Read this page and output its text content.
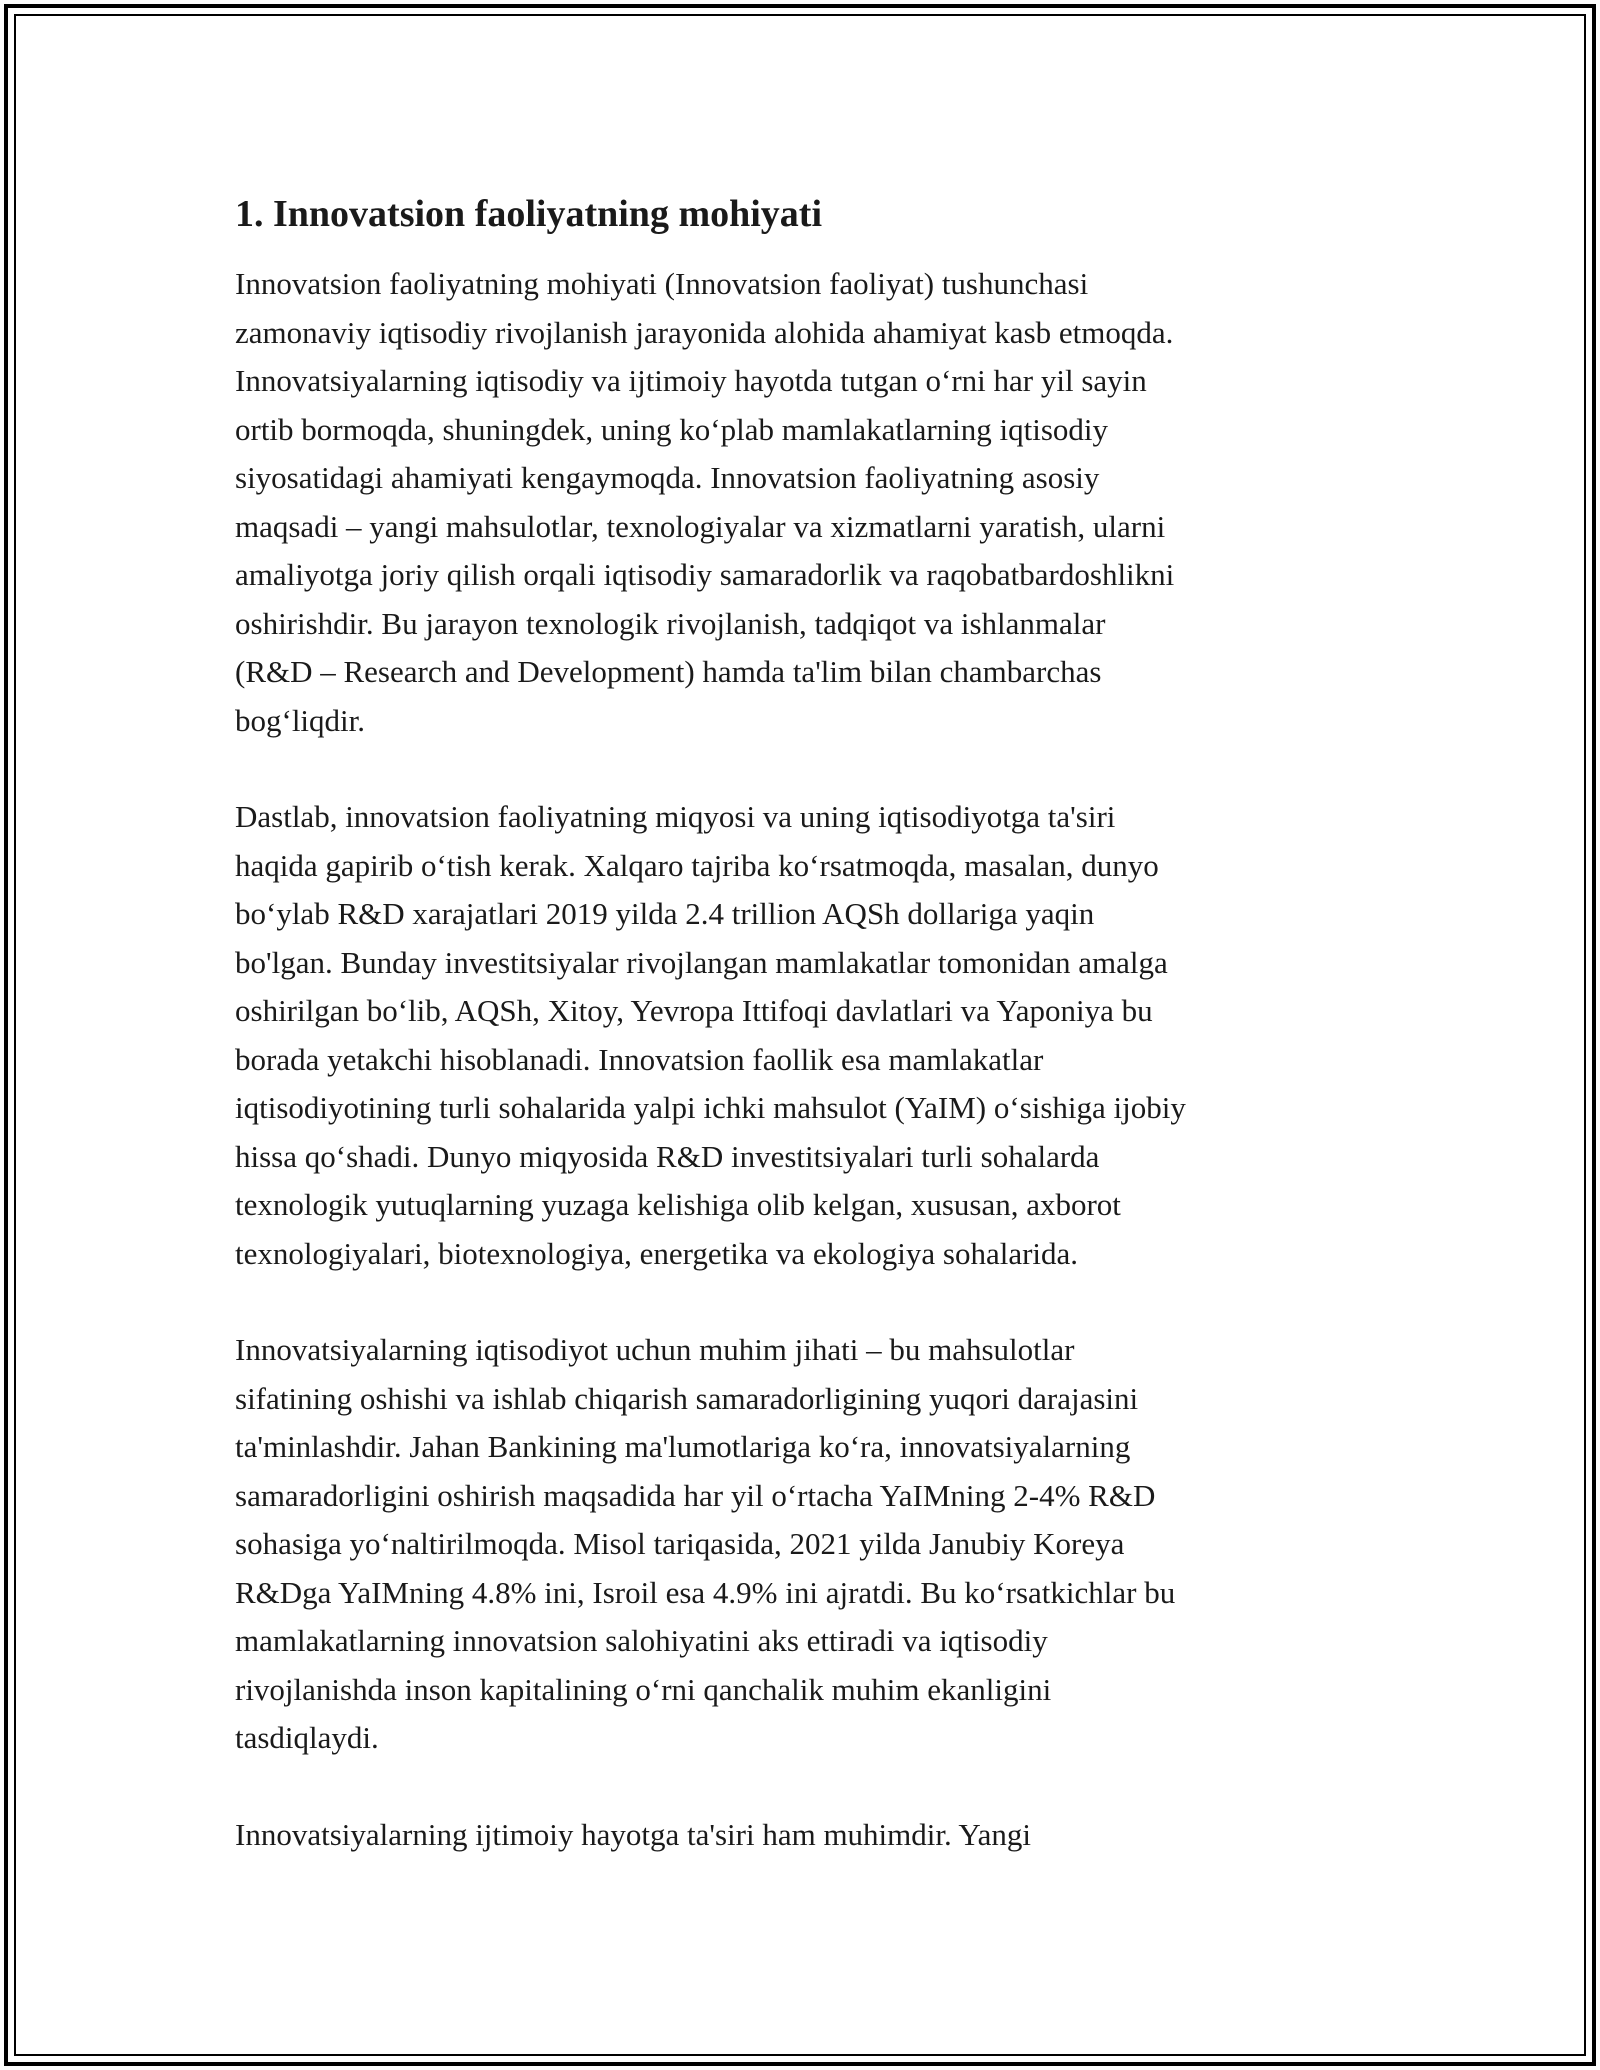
1. Innovatsion faoliyatning mohiyati

Innovatsion faoliyatning mohiyati (Innovatsion faoliyat) tushunchasi
zamonaviy iqtisodiy rivojlanish jarayonida alohida ahamiyat kasb etmoqda.
Innovatsiyalarning iqtisodiy va ijtimoiy hayotda tutgan o‘rni har yil sayin
ortib bormoqda, shuningdek, uning ko‘plab mamlakatlarning iqtisodiy
siyosatidagi ahamiyati kengaymoqda. Innovatsion faoliyatning asosiy
maqsadi – yangi mahsulotlar, texnologiyalar va xizmatlarni yaratish, ularni
amaliyotga joriy qilish orqali iqtisodiy samaradorlik va raqobatbardoshlikni
oshirishdir. Bu jarayon texnologik rivojlanish, tadqiqot va ishlanmalar
(R&D – Research and Development) hamda ta'lim bilan chambarchas
bog‘liqdir.

Dastlab, innovatsion faoliyatning miqyosi va uning iqtisodiyotga ta'siri
haqida gapirib o‘tish kerak. Xalqaro tajriba ko‘rsatmoqda, masalan, dunyo
bo‘ylab R&D xarajatlari 2019 yilda 2.4 trillion AQSh dollariga yaqin
bo'lgan. Bunday investitsiyalar rivojlangan mamlakatlar tomonidan amalga
oshirilgan bo‘lib, AQSh, Xitoy, Yevropa Ittifoqi davlatlari va Yaponiya bu
borada yetakchi hisoblanadi. Innovatsion faollik esa mamlakatlar
iqtisodiyotining turli sohalarida yalpi ichki mahsulot (YaIM) o‘sishiga ijobiy
hissa qo‘shadi. Dunyo miqyosida R&D investitsiyalari turli sohalarda
texnologik yutuqlarning yuzaga kelishiga olib kelgan, xususan, axborot
texnologiyalari, biotexnologiya, energetika va ekologiya sohalarida.

Innovatsiyalarning iqtisodiyot uchun muhim jihati – bu mahsulotlar
sifatining oshishi va ishlab chiqarish samaradorligining yuqori darajasini
ta'minlashdir. Jahan Bankining ma'lumotlariga ko‘ra, innovatsiyalarning
samaradorligini oshirish maqsadida har yil o‘rtacha YaIMning 2-4% R&D
sohasiga yo‘naltirilmoqda. Misol tariqasida, 2021 yilda Janubiy Koreya
R&Dga YaIMning 4.8% ini, Isroil esa 4.9% ini ajratdi. Bu ko‘rsatkichlar bu
mamlakatlarning innovatsion salohiyatini aks ettiradi va iqtisodiy
rivojlanishda inson kapitalining o‘rni qanchalik muhim ekanligini
tasdiqlaydi.

Innovatsiyalarning ijtimoiy hayotga ta'siri ham muhimdir. Yangi
